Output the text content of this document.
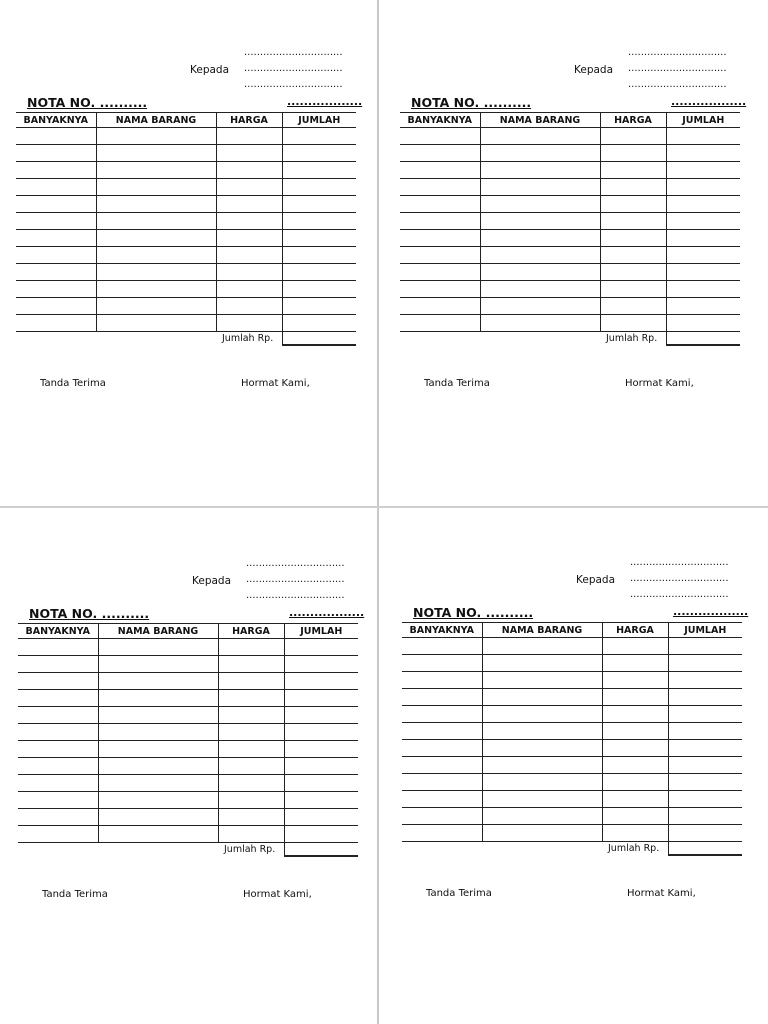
...............................
Kepada ...............................
...............................
NOTA NO. ..........	..................
BANYAKNYA	NAMA BARANG	HARGA	JUMLAH

Jumlah Rp.
Tanda Terima	Hormat Kami,
...............................
Kepada ...............................
...............................
NOTA NO. ..........	..................
BANYAKNYA	NAMA BARANG	HARGA	JUMLAH

Jumlah Rp.
Tanda Terima	Hormat Kami,
...............................
Kepada ...............................
...............................
NOTA NO. ..........	..................
BANYAKNYA	NAMA BARANG	HARGA	JUMLAH

Jumlah Rp.
Tanda Terima	Hormat Kami,
...............................
Kepada ...............................
...............................
NOTA NO. ..........	..................
BANYAKNYA	NAMA BARANG	HARGA	JUMLAH

Jumlah Rp.
Tanda Terima	Hormat Kami,
